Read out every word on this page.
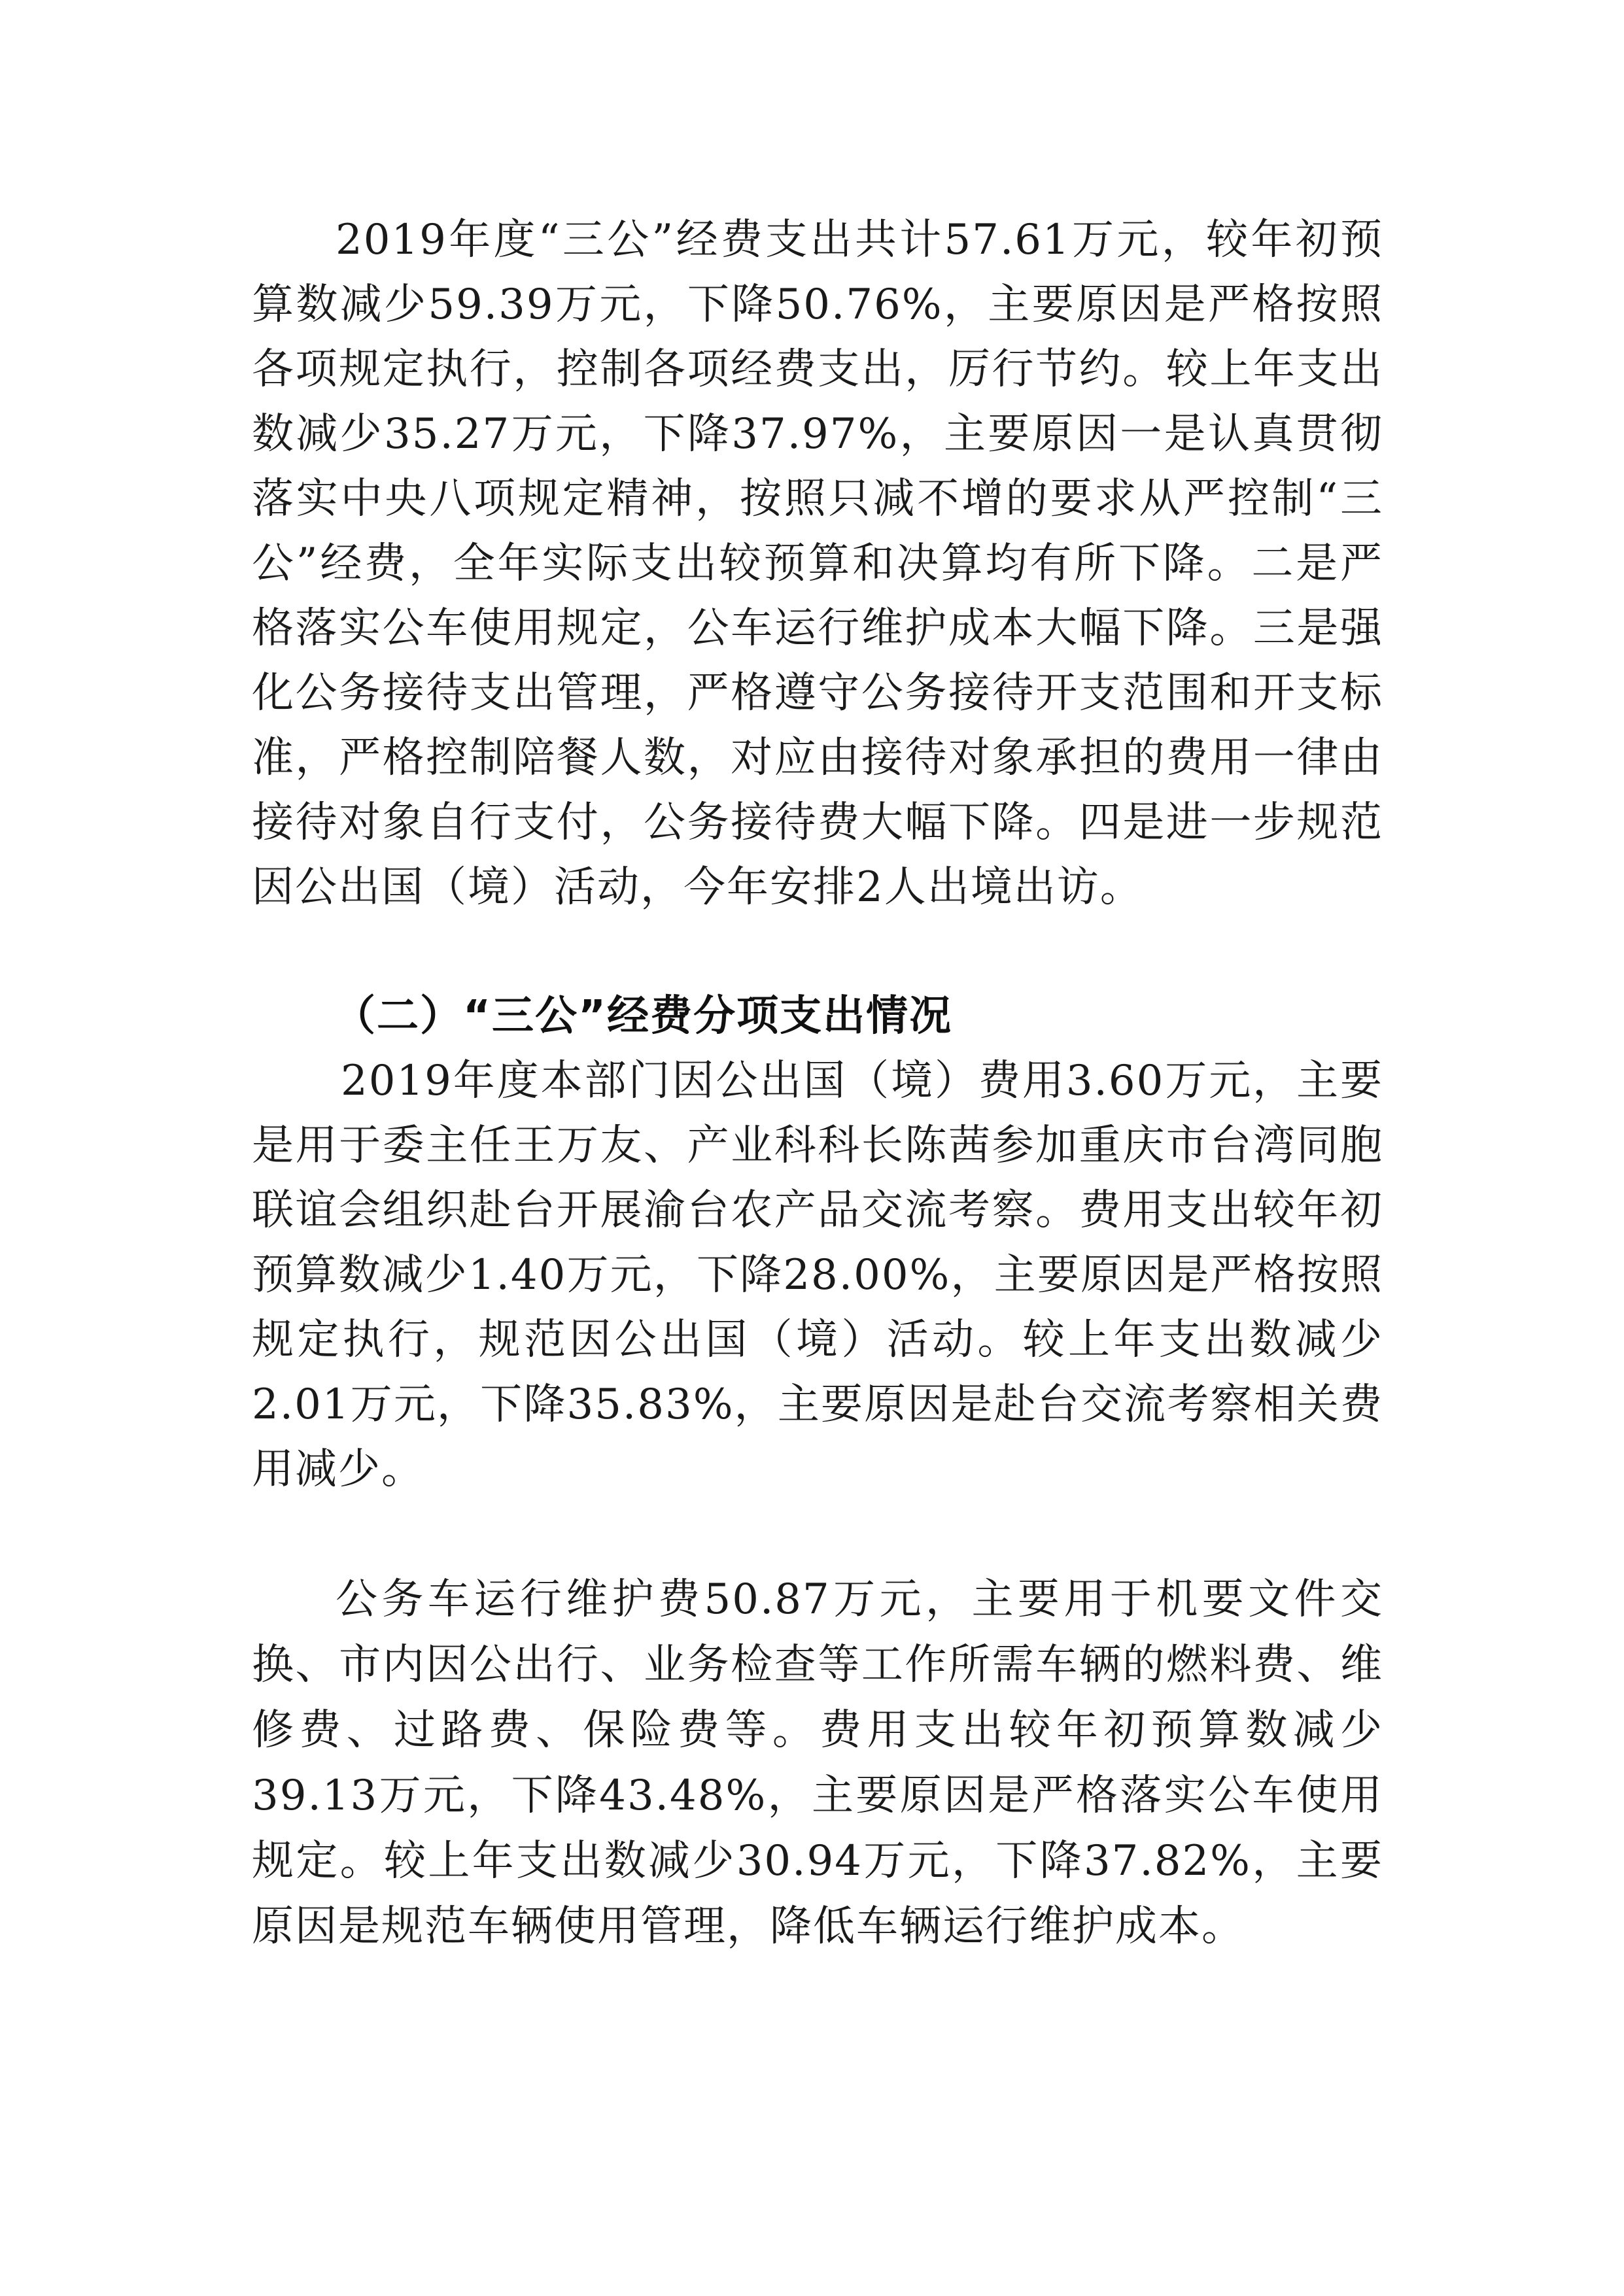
2019年度“三公”经费支出共计57.61万元，较年初预算数减少59.39万元，下降50.76%，主要原因是严格按照各项规定执行，控制各项经费支出，厉行节约。较上年支出数减少35.27万元，下降37.97%，主要原因一是认真贯彻落实中央八项规定精神，按照只减不增的要求从严控制“三公”经费，全年实际支出较预算和决算均有所下降。二是严格落实公车使用规定，公车运行维护成本大幅下降。三是强化公务接待支出管理，严格遵守公务接待开支范围和开支标准，严格控制陪餐人数，对应由接待对象承担的费用一律由接待对象自行支付，公务接待费大幅下降。四是进一步规范因公出国（境）活动，今年安排2人出境出访。

（二）“三公”经费分项支出情况

2019年度本部门因公出国（境）费用3.60万元，主要是用于委主任王万友、产业科科长陈茜参加重庆市台湾同胞联谊会组织赴台开展渝台农产品交流考察。费用支出较年初预算数减少1.40万元，下降28.00%，主要原因是严格按照规定执行，规范因公出国（境）活动。较上年支出数减少2.01万元，下降35.83%，主要原因是赴台交流考察相关费用减少。

公务车运行维护费50.87万元，主要用于机要文件交换、市内因公出行、业务检查等工作所需车辆的燃料费、维修费、过路费、保险费等。费用支出较年初预算数减少39.13万元，下降43.48%，主要原因是严格落实公车使用规定。较上年支出数减少30.94万元，下降37.82%，主要原因是规范车辆使用管理，降低车辆运行维护成本。
